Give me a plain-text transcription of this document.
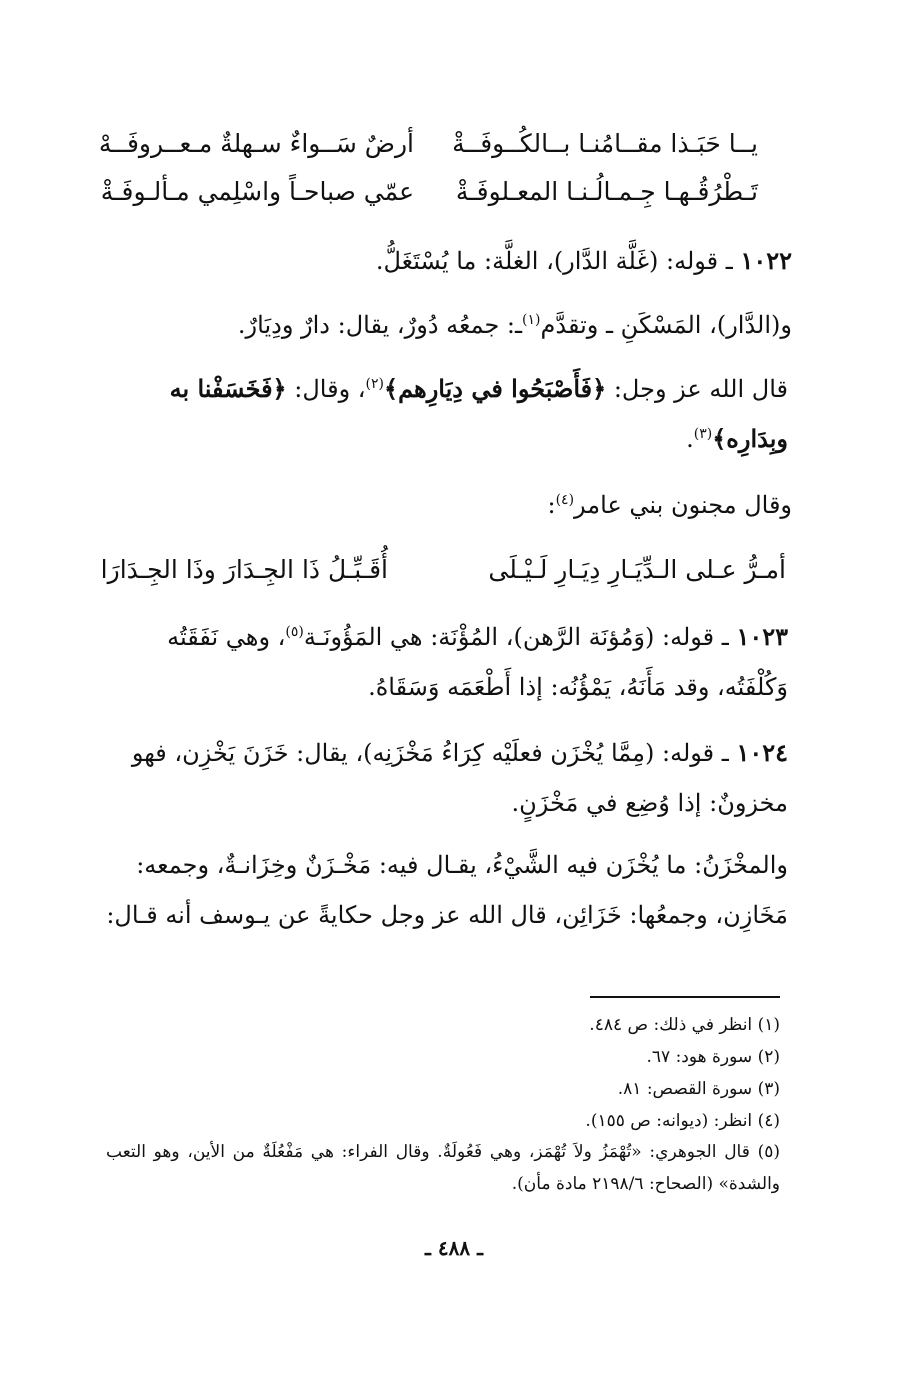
يــا حَبَـذا مقــامُنـا بــالكُــوفَــةْ
أرضٌ سَــواءٌ سـهلةٌ مـعــروفَــهْ
تَـطْرُقُـهـا جِـمـالُـنـا المعـلوفَـةْ
عمّي صباحـاً واسْلِمي مـألـوفَـةْ
١٠٢٢ ـ قوله: (غَلَّة الدَّار)، الغلَّة: ما يُسْتَغَلُّ.
و(الدَّار)، المَسْكَنِ ـ وتقدَّم$^{(١)}$ـ: جمعُه دُورٌ، يقال: دارٌ ودِيَارٌ.
قال الله عز وجل: ﴿فَأَصْبَحُوا في دِيَارِهم﴾$^{(٢)}$، وقال: ﴿فَخَسَفْنا به
وبِدَارِه﴾$^{(٣)}$.
وقال مجنون بني عامر$^{(٤)}$:
أمـرُّ عـلى الـدِّيَـارِ دِيَـارِ لَـيْـلَى
أُقَـبِّـلُ ذَا الجِـدَارَ وذَا الجِـدَارَا
١٠٢٣ ـ قوله: (وَمُؤنَة الرَّهن)، المُؤْنَة: هي المَؤُونَـة$^{(٥)}$، وهي نَفَقَتُه
وَكُلْفَتُه، وقد مَأَنَهُ، يَمْؤُنُه: إذا أَطْعَمَه وَسَقَاهُ.
١٠٢٤ ـ قوله: (مِمَّا يُخْزَن فعلَيْه كِرَاءُ مَخْزَنِه)، يقال: خَزَنَ يَخْزِن، فهو
مخزونٌ: إذا وُضِع في مَخْزَنٍ.
والمخْزَنُ: ما يُخْزَن فيه الشَّيْءُ، يقـال فيه: مَخْـزَنٌ وخِزَانـةٌ، وجمعه:
مَخَازِن، وجمعُها: خَزَائِن، قال الله عز وجل حكايةً عن يـوسف أنه قـال:
(١) انظر في ذلك: ص ٤٨٤.
(٢) سورة هود: ٦٧.
(٣) سورة القصص: ٨١.
(٤) انظر: (ديوانه: ص ١٥٥).
(٥) قال الجوهري: «تُهْمَزُ ولاَ تُهْمَز، وهي فَعُولَةٌ. وقال الفراء: هي مَفْعُلَةٌ من الأين، وهو التعب والشدة» (الصحاح: ٢١٩٨/٦ مادة مأن).
ـ ٤٨٨ ـ
